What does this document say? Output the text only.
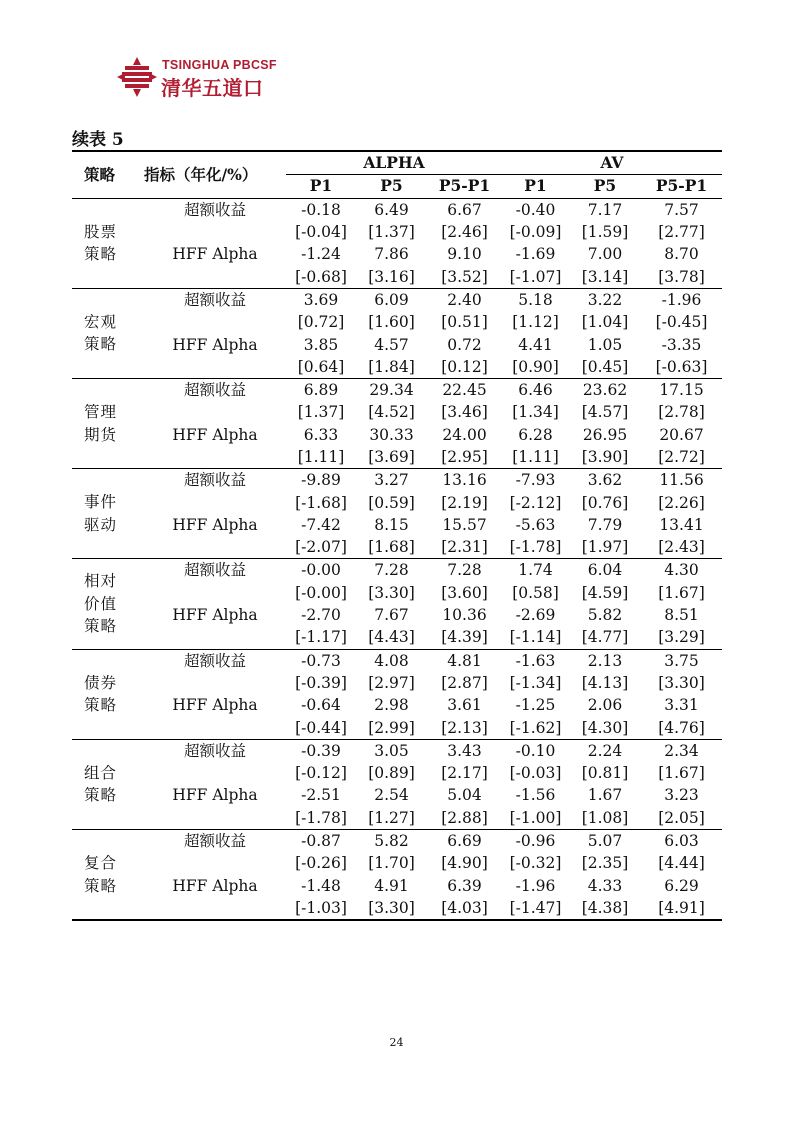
TSINGHUA PBCSF
清华五道口
续表 5
策略	指标（年化/%）	ALPHA			AV		
		P1	P5	P5-P1	P1	P5	P5-P1
股票
策略	超额收益	-0.18	6.49	6.67	-0.40	7.17	7.57
		[-0.04]	[1.37]	[2.46]	[-0.09]	[1.59]	[2.77]
	HFF Alpha	-1.24	7.86	9.10	-1.69	7.00	8.70
		[-0.68]	[3.16]	[3.52]	[-1.07]	[3.14]	[3.78]
宏观
策略	超额收益	3.69	6.09	2.40	5.18	3.22	-1.96
		[0.72]	[1.60]	[0.51]	[1.12]	[1.04]	[-0.45]
	HFF Alpha	3.85	4.57	0.72	4.41	1.05	-3.35
		[0.64]	[1.84]	[0.12]	[0.90]	[0.45]	[-0.63]
管理
期货	超额收益	6.89	29.34	22.45	6.46	23.62	17.15
		[1.37]	[4.52]	[3.46]	[1.34]	[4.57]	[2.78]
	HFF Alpha	6.33	30.33	24.00	6.28	26.95	20.67
		[1.11]	[3.69]	[2.95]	[1.11]	[3.90]	[2.72]
事件
驱动	超额收益	-9.89	3.27	13.16	-7.93	3.62	11.56
		[-1.68]	[0.59]	[2.19]	[-2.12]	[0.76]	[2.26]
	HFF Alpha	-7.42	8.15	15.57	-5.63	7.79	13.41
		[-2.07]	[1.68]	[2.31]	[-1.78]	[1.97]	[2.43]
相对
价值
策略	超额收益	-0.00	7.28	7.28	1.74	6.04	4.30
		[-0.00]	[3.30]	[3.60]	[0.58]	[4.59]	[1.67]
	HFF Alpha	-2.70	7.67	10.36	-2.69	5.82	8.51
		[-1.17]	[4.43]	[4.39]	[-1.14]	[4.77]	[3.29]
债券
策略	超额收益	-0.73	4.08	4.81	-1.63	2.13	3.75
		[-0.39]	[2.97]	[2.87]	[-1.34]	[4.13]	[3.30]
	HFF Alpha	-0.64	2.98	3.61	-1.25	2.06	3.31
		[-0.44]	[2.99]	[2.13]	[-1.62]	[4.30]	[4.76]
组合
策略	超额收益	-0.39	3.05	3.43	-0.10	2.24	2.34
		[-0.12]	[0.89]	[2.17]	[-0.03]	[0.81]	[1.67]
	HFF Alpha	-2.51	2.54	5.04	-1.56	1.67	3.23
		[-1.78]	[1.27]	[2.88]	[-1.00]	[1.08]	[2.05]
复合
策略	超额收益	-0.87	5.82	6.69	-0.96	5.07	6.03
		[-0.26]	[1.70]	[4.90]	[-0.32]	[2.35]	[4.44]
	HFF Alpha	-1.48	4.91	6.39	-1.96	4.33	6.29
		[-1.03]	[3.30]	[4.03]	[-1.47]	[4.38]	[4.91]
24
